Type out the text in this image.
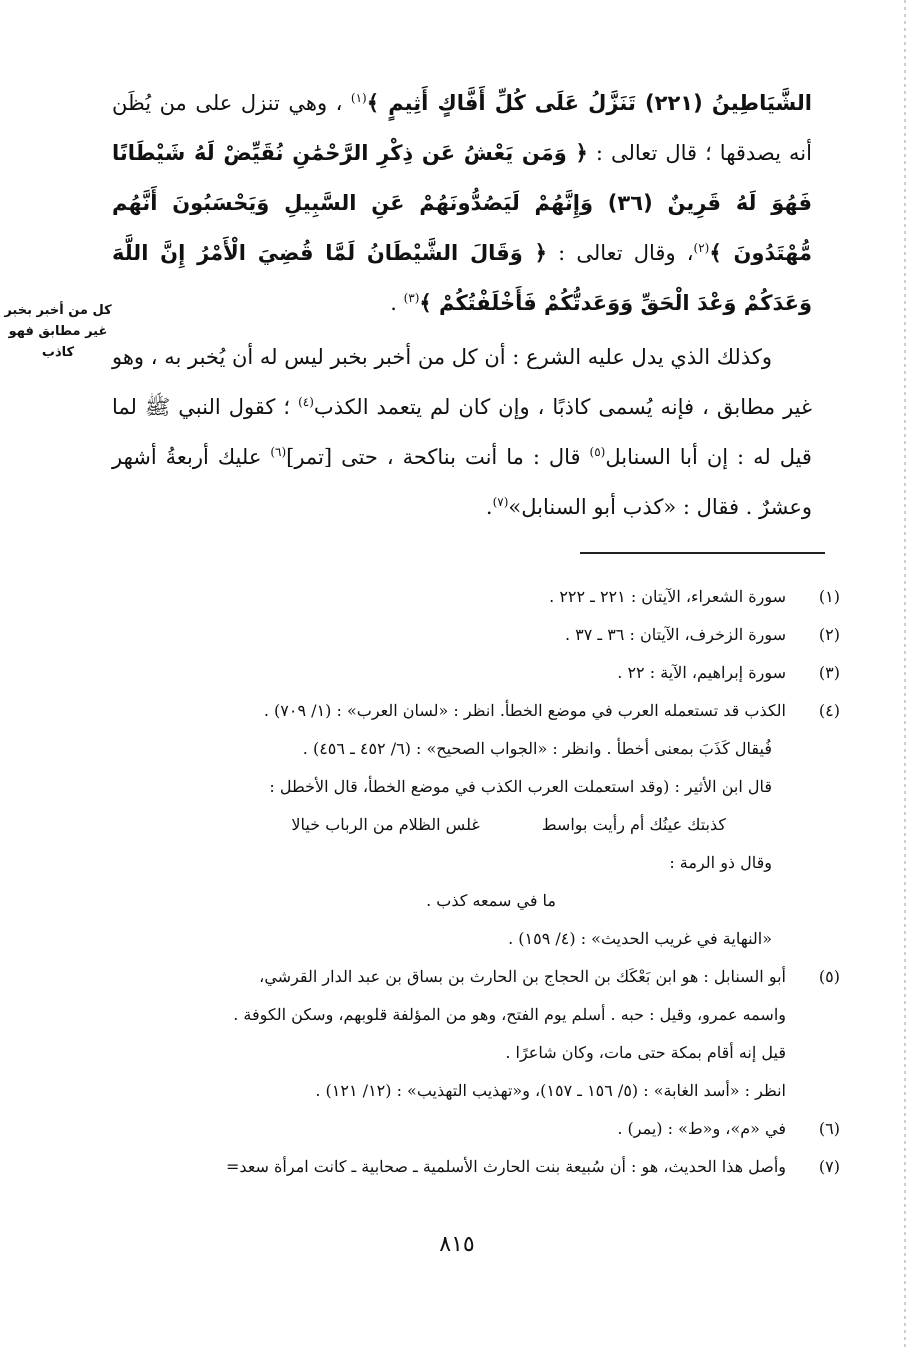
الشَّيَاطِينُ (٢٢١) تَنَزَّلُ عَلَى كُلِّ أَفَّاكٍ أَثِيمٍ ﴾$^{(١)}$ ، وهي تنزل على من يُظَن أنه يصدقها ؛ قال تعالى : ﴿ وَمَن يَعْشُ عَن ذِكْرِ الرَّحْمَٰنِ نُقَيِّضْ لَهُ شَيْطَانًا فَهُوَ لَهُ قَرِينٌ (٣٦) وَإِنَّهُمْ لَيَصُدُّونَهُمْ عَنِ السَّبِيلِ وَيَحْسَبُونَ أَنَّهُم مُّهْتَدُونَ ﴾$^{(٢)}$، وقال تعالى : ﴿ وَقَالَ الشَّيْطَانُ لَمَّا قُضِيَ الْأَمْرُ إِنَّ اللَّهَ وَعَدَكُمْ وَعْدَ الْحَقِّ وَوَعَدتُّكُمْ فَأَخْلَفْتُكُمْ ﴾$^{(٣)}$ .

وكذلك الذي يدل عليه الشرع : أن كل من أخبر بخبر ليس له أن يُخبر به ، وهو غير مطابق ، فإنه يُسمى كاذبًا ، وإن كان لم يتعمد الكذب$^{(٤)}$ ؛ كقول النبي ﷺ لما قيل له : إن أبا السنابل$^{(٥)}$ قال : ما أنت بناكحة ، حتى [تمر]$^{(٦)}$ عليك أربعةُ أشهر وعشرٌ . فقال : «كذب أبو السنابل»$^{(٧)}$.

كل من أخبر بخبر
غير مطابق فهو
كاذب
(١)
سورة الشعراء، الآيتان : ٢٢١ ـ ٢٢٢ .
(٢)
سورة الزخرف، الآيتان : ٣٦ ـ ٣٧ .
(٣)
سورة إبراهيم، الآية : ٢٢ .
(٤)
الكذب قد تستعمله العرب في موضع الخطأ. انظر : «لسان العرب» : (١/ ٧٠٩) .
فُيقال كَذَبَ بمعنى أخطأ . وانظر : «الجواب الصحيح» : (٦/ ٤٥٢ ـ ٤٥٦) .
قال ابن الأثير : (وقد استعملت العرب الكذب في موضع الخطأ، قال الأخطل :
كذبتك عينُك أم رأيت بواسط
غلس الظلام من الرباب خيالا
وقال ذو الرمة :
ما في سمعه كذب .
«النهاية في غريب الحديث» : (٤/ ١٥٩) .
(٥)
أبو السنابل : هو ابن بَعْكَك بن الحجاج بن الحارث بن بساق بن عبد الدار القرشي،
واسمه عمرو، وقيل : حبه . أسلم يوم الفتح، وهو من المؤلفة قلوبهم، وسكن الكوفة .
قيل إنه أقام بمكة حتى مات، وكان شاعرًا .
انظر : «أسد الغابة» : (٥/ ١٥٦ ـ ١٥٧)، و«تهذيب التهذيب» : (١٢/ ١٢١) .
(٦)
في «م»، و«ط» : (يمر) .
(٧)
وأصل هذا الحديث، هو : أن سُبيعة بنت الحارث الأسلمية ـ صحابية ـ كانت امرأة سعد=
٨١٥
